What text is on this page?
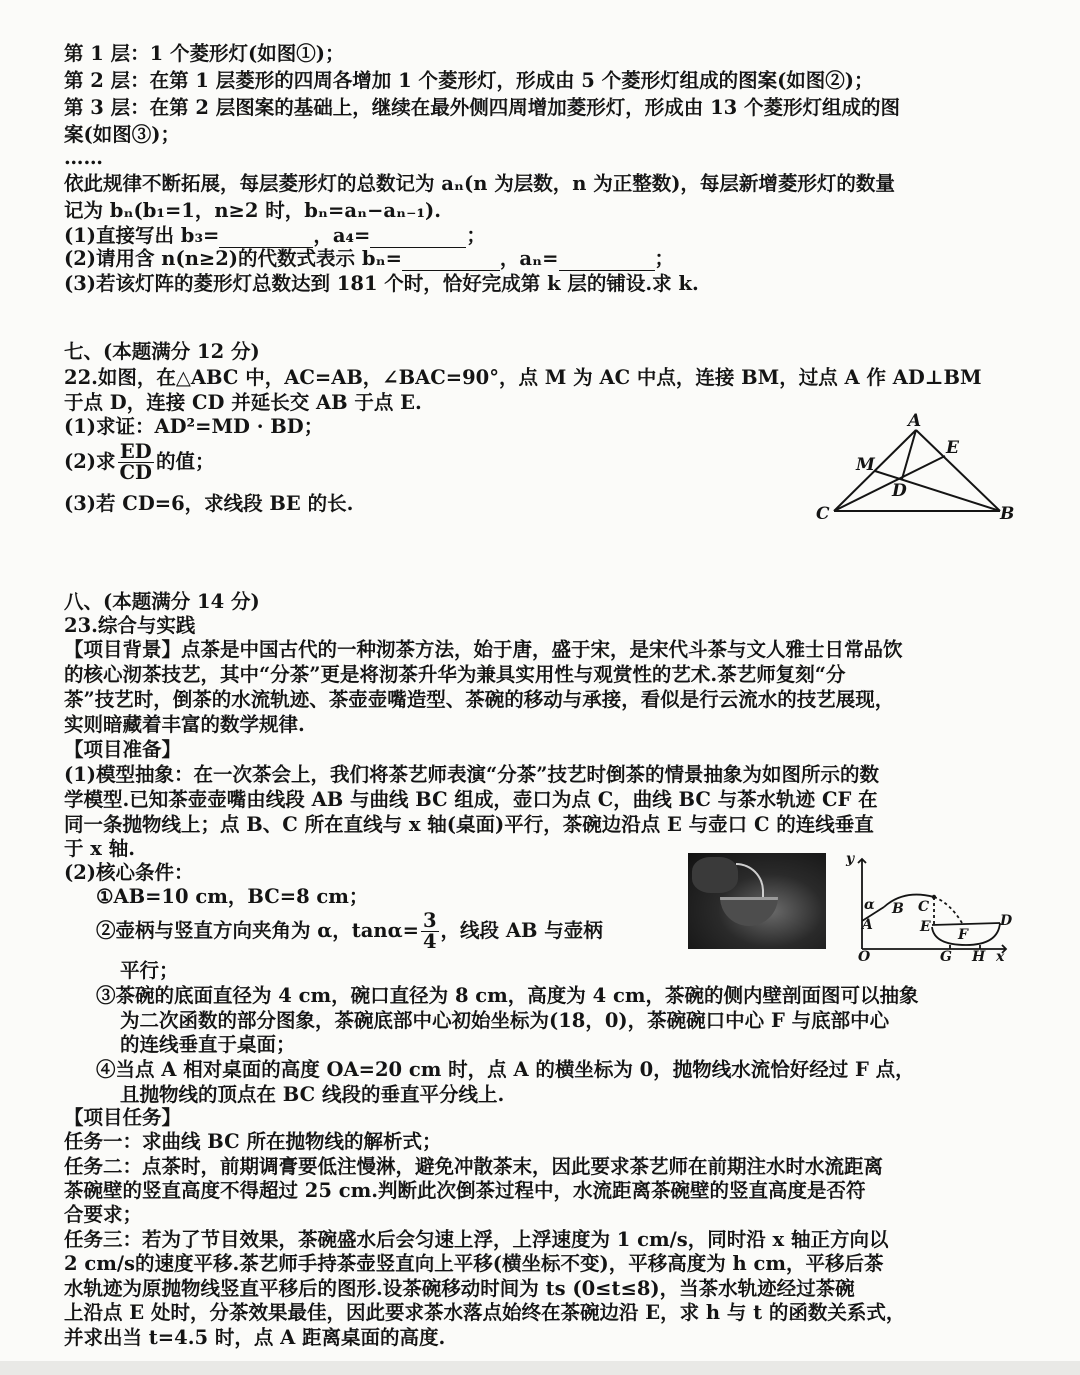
第 1 层：1 个菱形灯(如图①)；
第 2 层：在第 1 层菱形的四周各增加 1 个菱形灯，形成由 5 个菱形灯组成的图案(如图②)；
第 3 层：在第 2 层图案的基础上，继续在最外侧四周增加菱形灯，形成由 13 个菱形灯组成的图
案(如图③)；
……
依此规律不断拓展，每层菱形灯的总数记为 aₙ(n 为层数，n 为正整数)，每层新增菱形灯的数量
记为 bₙ(b₁=1，n≥2 时，bₙ=aₙ−aₙ₋₁).
(1)直接写出 b₃=	，a₄=	；
(2)请用含 n(n≥2)的代数式表示 bₙ=	，aₙ=	；
(3)若该灯阵的菱形灯总数达到 181 个时，恰好完成第 k 层的铺设.求 k.
七、(本题满分 12 分)
22.如图，在△ABC 中，AC=AB，∠BAC=90°，点 M 为 AC 中点，连接 BM，过点 A 作 AD⊥BM
于点 D，连接 CD 并延长交 AB 于点 E.
(1)求证：AD²=MD · BD；
(2)求 $\frac{ED}{CD}$ 的值；
(3)若 CD=6，求线段 BE 的长.
A
B
C
D
E
M
八、(本题满分 14 分)
23.综合与实践
【项目背景】点茶是中国古代的一种沏茶方法，始于唐，盛于宋，是宋代斗茶与文人雅士日常品饮
的核心沏茶技艺，其中“分茶”更是将沏茶升华为兼具实用性与观赏性的艺术.茶艺师复刻“分
茶”技艺时，倒茶的水流轨迹、茶壶壶嘴造型、茶碗的移动与承接，看似是行云流水的技艺展现，
实则暗藏着丰富的数学规律.
【项目准备】
(1)模型抽象：在一次茶会上，我们将茶艺师表演“分茶”技艺时倒茶的情景抽象为如图所示的数
学模型.已知茶壶壶嘴由线段 AB 与曲线 BC 组成，壶口为点 C，曲线 BC 与茶水轨迹 CF 在
同一条抛物线上；点 B、C 所在直线与 x 轴(桌面)平行，茶碗边沿点 E 与壶口 C 的连线垂直
于 x 轴.
(2)核心条件：
①AB=10 cm，BC=8 cm；
②壶柄与竖直方向夹角为 α，$\tan\alpha= \frac{3}{4}$ ，线段 AB 与壶柄
平行；
③茶碗的底面直径为 4 cm，碗口直径为 8 cm，高度为 4 cm，茶碗的侧内壁剖面图可以抽象
为二次函数的部分图象，茶碗底部中心初始坐标为(18，0)，茶碗碗口中心 F 与底部中心
的连线垂直于桌面；
④当点 A 相对桌面的高度 OA=20 cm 时，点 A 的横坐标为 0，抛物线水流恰好经过 F 点，
且抛物线的顶点在 BC 线段的垂直平分线上.
【项目任务】
任务一：求曲线 BC 所在抛物线的解析式；
任务二：点茶时，前期调膏要低注慢淋，避免冲散茶末，因此要求茶艺师在前期注水时水流距离
茶碗壁的竖直高度不得超过 25 cm.判断此次倒茶过程中，水流距离茶碗壁的竖直高度是否符
合要求；
任务三：若为了节目效果，茶碗盛水后会匀速上浮，上浮速度为 1 cm/s，同时沿 x 轴正方向以
2 cm/s的速度平移.茶艺师手持茶壶竖直向上平移(横坐标不变)，平移高度为 h cm，平移后茶
水轨迹为原抛物线竖直平移后的图形.设茶碗移动时间为 ts (0≤t≤8)，当茶水轨迹经过茶碗
上沿点 E 处时，分茶效果最佳，因此要求茶水落点始终在茶碗边沿 E，求 h 与 t 的函数关系式，
并求出当 t=4.5 时，点 A 距离桌面的高度.
y
x
O
A
α B C
E F
D
G H
